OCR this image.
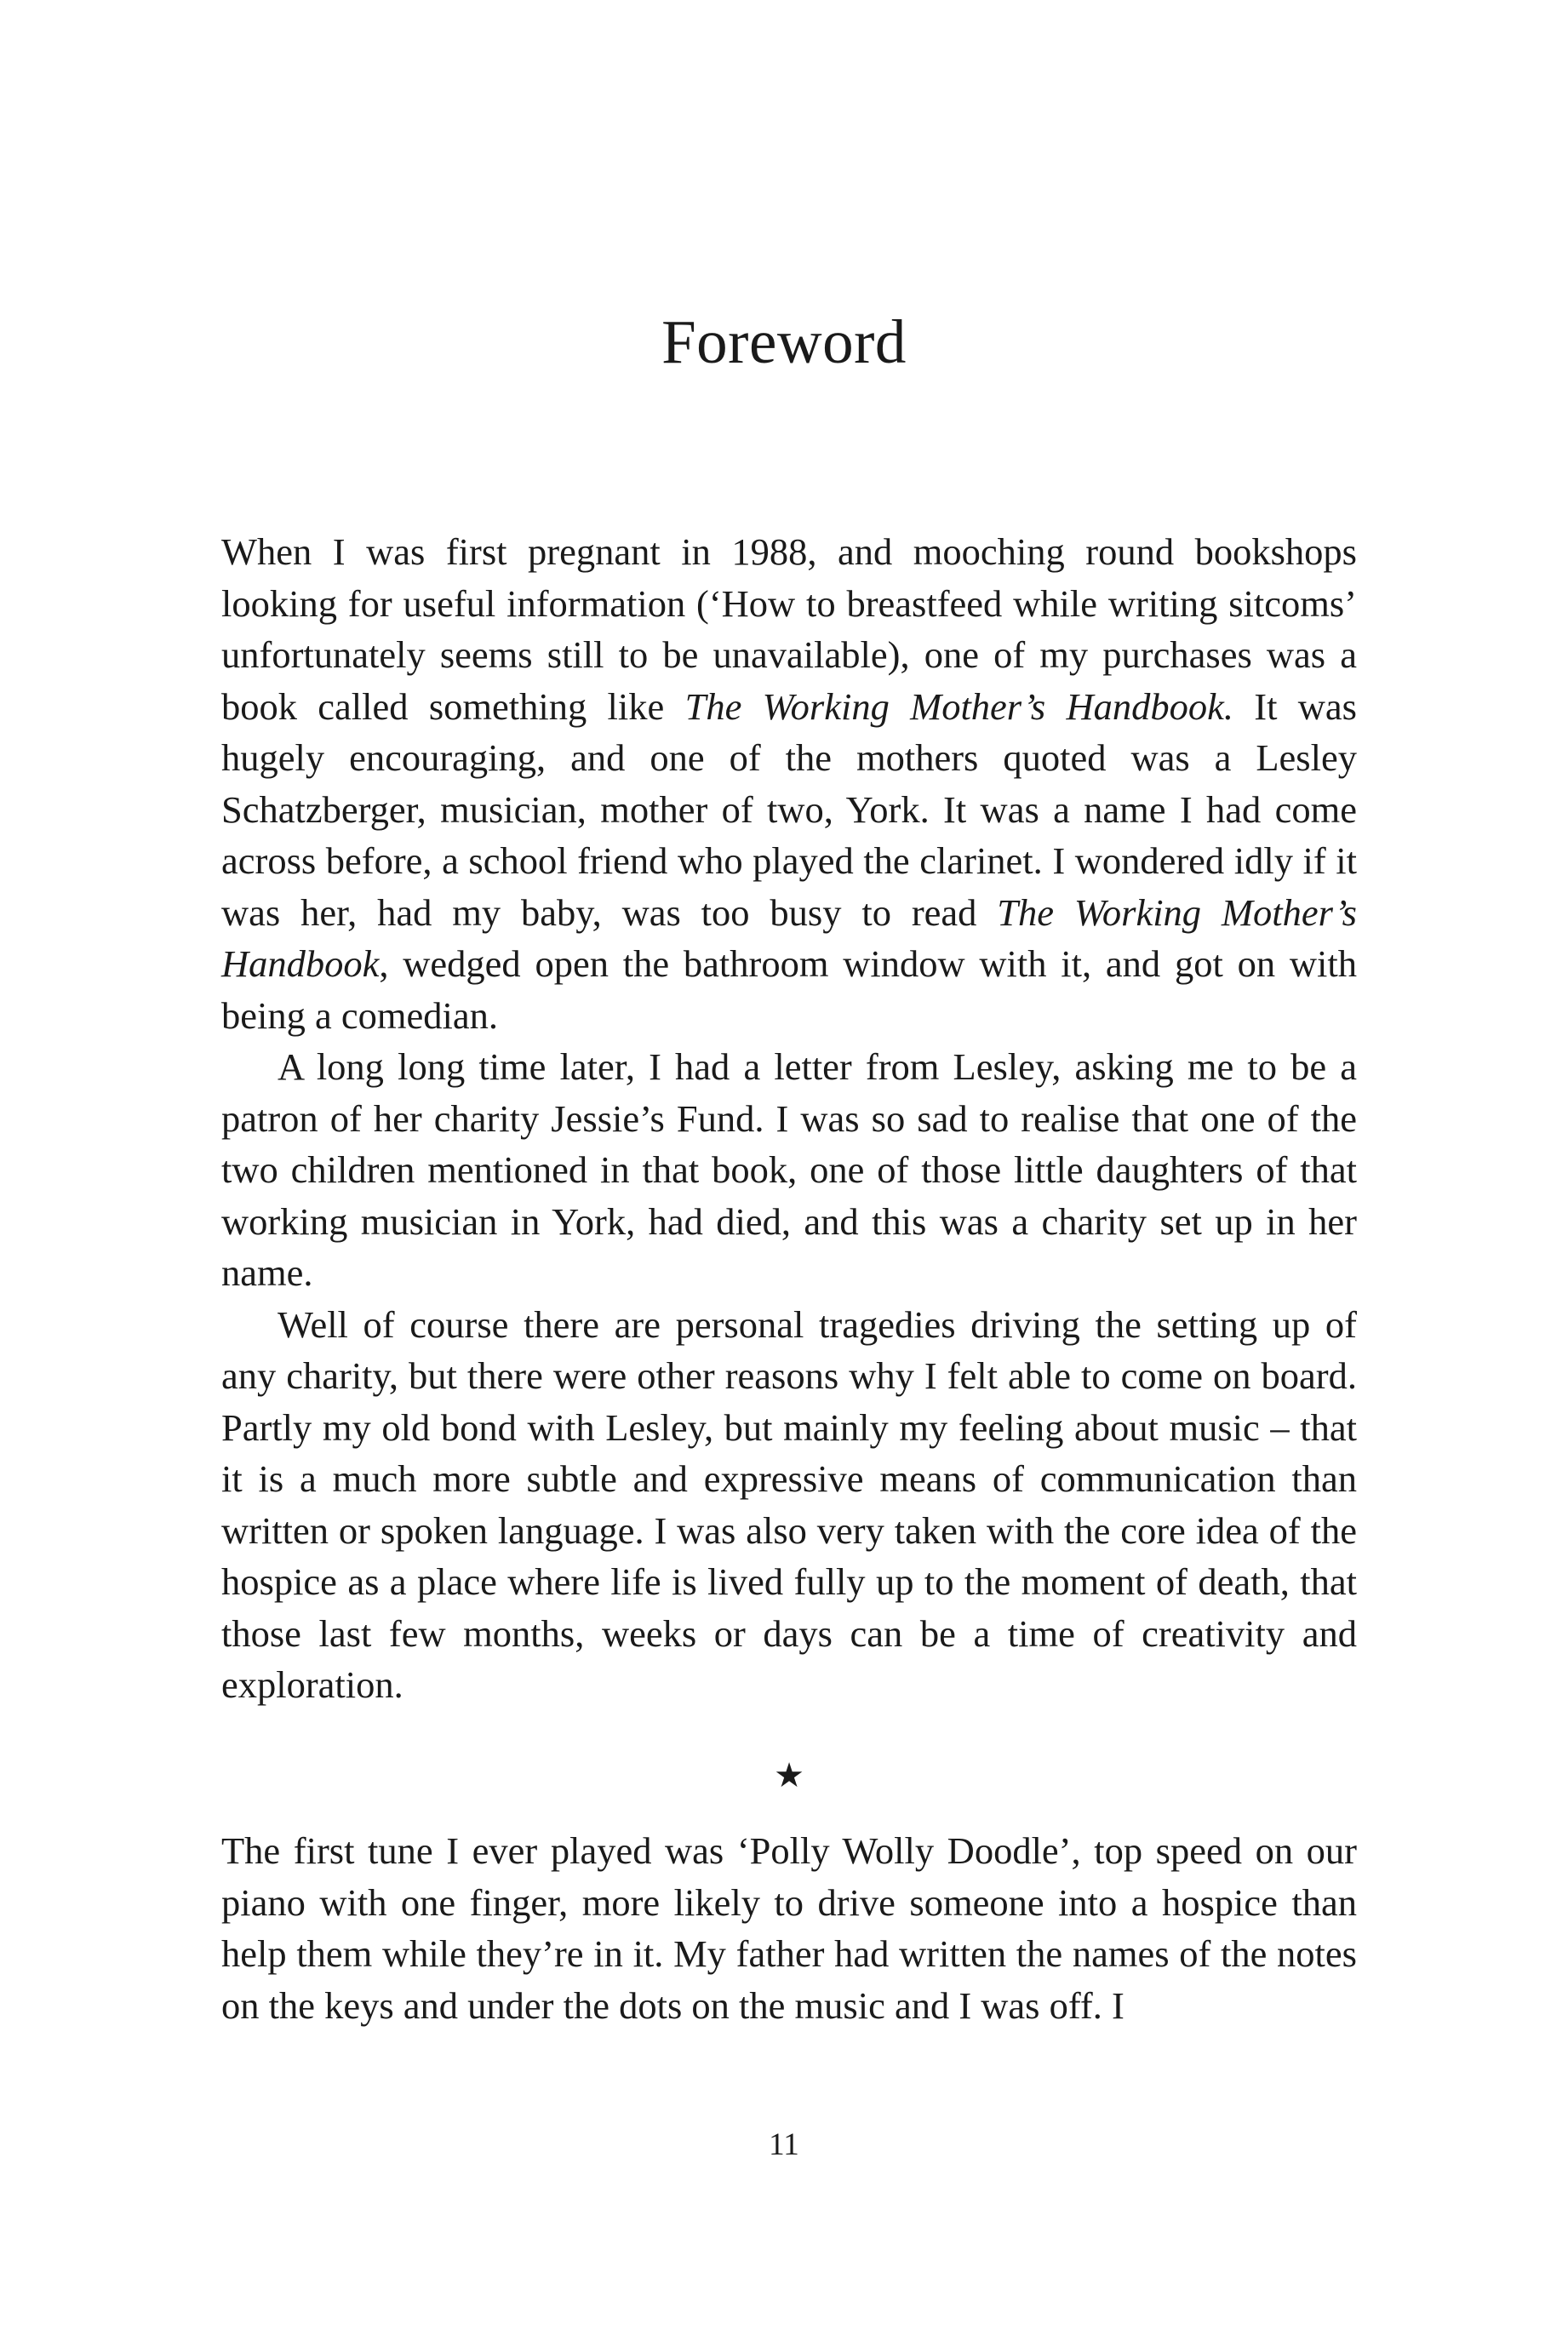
Foreword

When I was first pregnant in 1988, and mooching round bookshops looking for useful information (‘How to breastfeed while writing sitcoms’ unfortunately seems still to be unavailable), one of my purchases was a book called something like The Working Mother’s Handbook. It was hugely encouraging, and one of the mothers quoted was a Lesley Schatzberger, musician, mother of two, York. It was a name I had come across before, a school friend who played the clarinet. I wondered idly if it was her, had my baby, was too busy to read The Working Mother’s Handbook, wedged open the bathroom window with it, and got on with being a comedian.

A long long time later, I had a letter from Lesley, asking me to be a patron of her charity Jessie’s Fund. I was so sad to realise that one of the two children mentioned in that book, one of those little daughters of that working musician in York, had died, and this was a charity set up in her name.

Well of course there are personal tragedies driving the setting up of any charity, but there were other reasons why I felt able to come on board. Partly my old bond with Lesley, but mainly my feeling about music – that it is a much more subtle and expressive means of communication than written or spoken language. I was also very taken with the core idea of the hospice as a place where life is lived fully up to the moment of death, that those last few months, weeks or days can be a time of creativity and exploration.

★

The first tune I ever played was ‘Polly Wolly Doodle’, top speed on our piano with one finger, more likely to drive someone into a hospice than help them while they’re in it. My father had written the names of the notes on the keys and under the dots on the music and I was off. I

11
